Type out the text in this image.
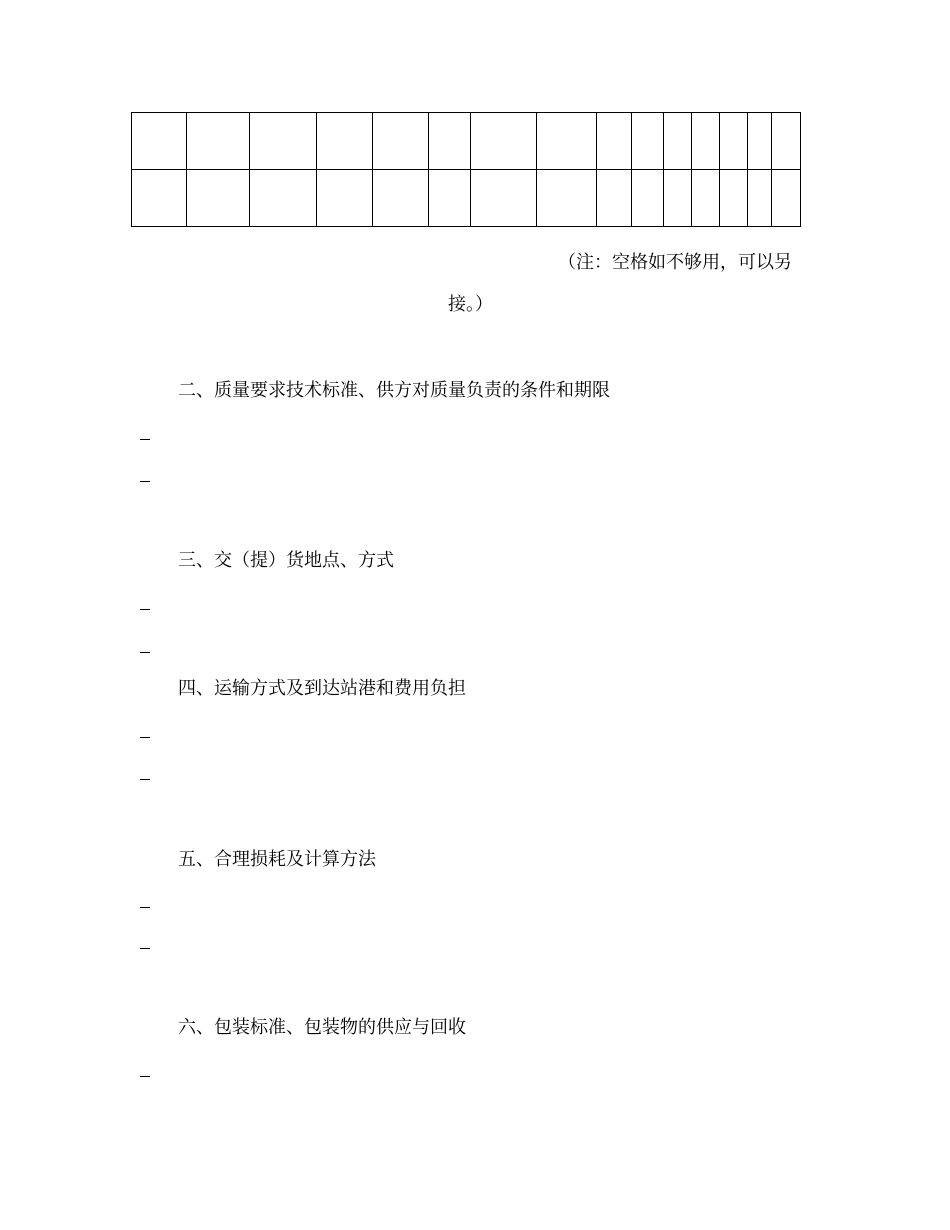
（注：空格如不够用，可以另
接。）
二、质量要求技术标准、供方对质量负责的条件和期限
三、交（提）货地点、方式
四、运输方式及到达站港和费用负担
五、合理损耗及计算方法
六、包装标准、包装物的供应与回收
